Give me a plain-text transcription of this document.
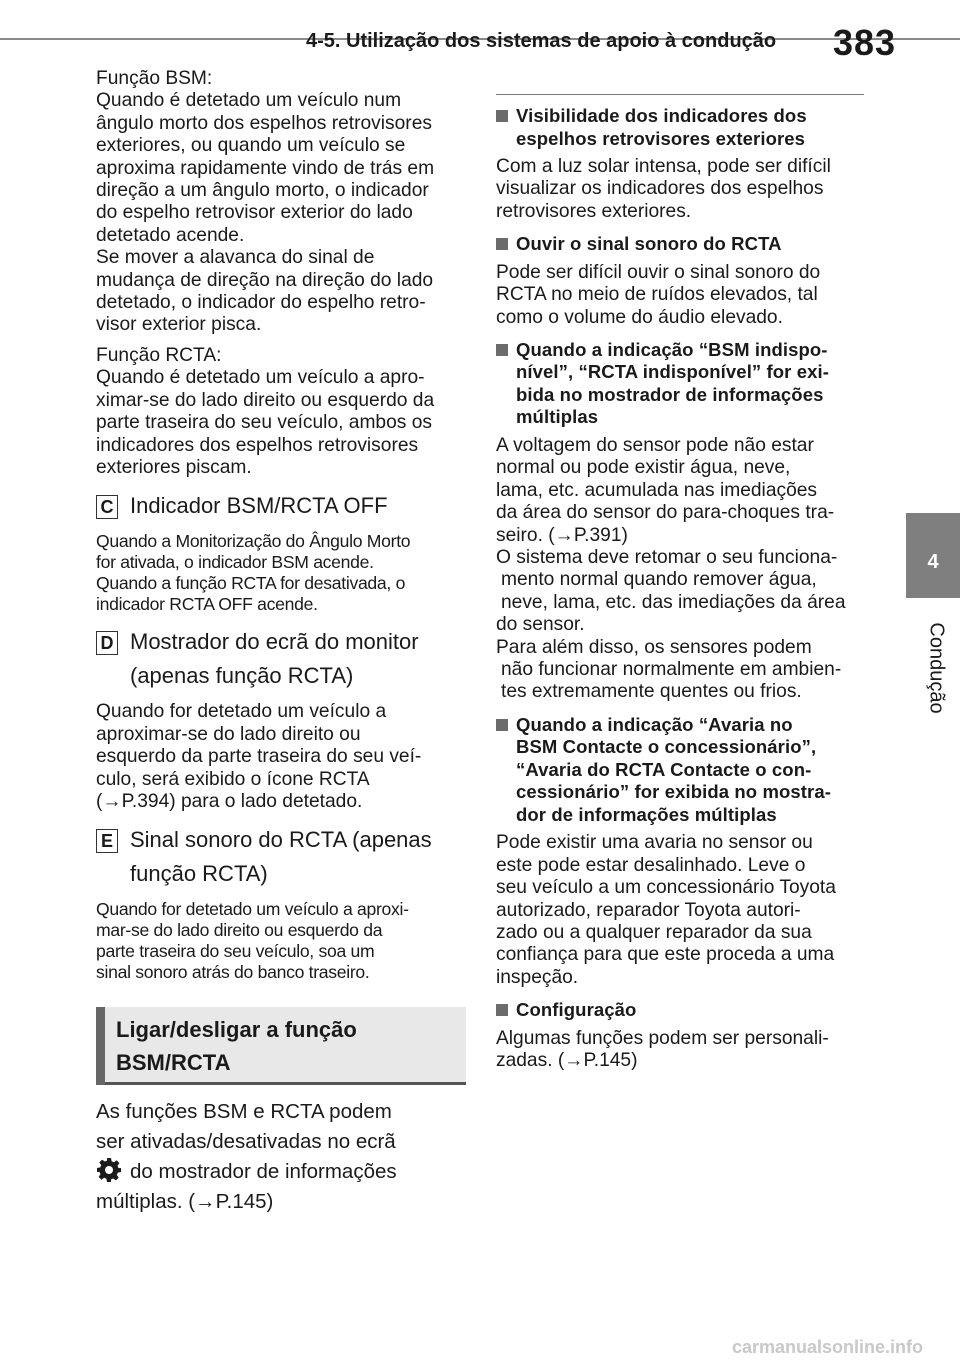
4-5. Utilização dos sistemas de apoio à condução 383
4
Condução
Função BSM:
Quando é detetado um veículo num
ângulo morto dos espelhos retrovisores
exteriores, ou quando um veículo se
aproxima rapidamente vindo de trás em
direção a um ângulo morto, o indicador
do espelho retrovisor exterior do lado
detetado acende.
Se mover a alavanca do sinal de
mudança de direção na direção do lado
detetado, o indicador do espelho retro-
visor exterior pisca.
Função RCTA:
Quando é detetado um veículo a apro-
ximar-se do lado direito ou esquerdo da
parte traseira do seu veículo, ambos os
indicadores dos espelhos retrovisores
exteriores piscam.
C Indicador BSM/RCTA OFF
Quando a Monitorização do Ângulo Morto
for ativada, o indicador BSM acende.
Quando a função RCTA for desativada, o
indicador RCTA OFF acende.
D Mostrador do ecrã do monitor
(apenas função RCTA)
Quando for detetado um veículo a
aproximar-se do lado direito ou
esquerdo da parte traseira do seu veí-
culo, será exibido o ícone RCTA
(→P.394) para o lado detetado.
E Sinal sonoro do RCTA (apenas
função RCTA)
Quando for detetado um veículo a aproxi-
mar-se do lado direito ou esquerdo da
parte traseira do seu veículo, soa um
sinal sonoro atrás do banco traseiro.
Ligar/desligar a função
BSM/RCTA
As funções BSM e RCTA podem
ser ativadas/desativadas no ecrã
do mostrador de informações
múltiplas. (→P.145)
Visibilidade dos indicadores dos
espelhos retrovisores exteriores
Com a luz solar intensa, pode ser difícil
visualizar os indicadores dos espelhos
retrovisores exteriores.
Ouvir o sinal sonoro do RCTA
Pode ser difícil ouvir o sinal sonoro do
RCTA no meio de ruídos elevados, tal
como o volume do áudio elevado.
Quando a indicação “BSM indispo-
nível”, “RCTA indisponível” for exi-
bida no mostrador de informações
múltiplas
A voltagem do sensor pode não estar
normal ou pode existir água, neve,
lama, etc. acumulada nas imediações
da área do sensor do para-choques tra-
seiro. (→P.391)
O sistema deve retomar o seu funciona-
mento normal quando remover água,
neve, lama, etc. das imediações da área
do sensor.
Para além disso, os sensores podem
não funcionar normalmente em ambien-
tes extremamente quentes ou frios.
Quando a indicação “Avaria no
BSM Contacte o concessionário”,
“Avaria do RCTA Contacte o con-
cessionário” for exibida no mostra-
dor de informações múltiplas
Pode existir uma avaria no sensor ou
este pode estar desalinhado. Leve o
seu veículo a um concessionário Toyota
autorizado, reparador Toyota autori-
zado ou a qualquer reparador da sua
confiança para que este proceda a uma
inspeção.
Configuração
Algumas funções podem ser personali-
zadas. (→P.145)
carmanualsonline.info
